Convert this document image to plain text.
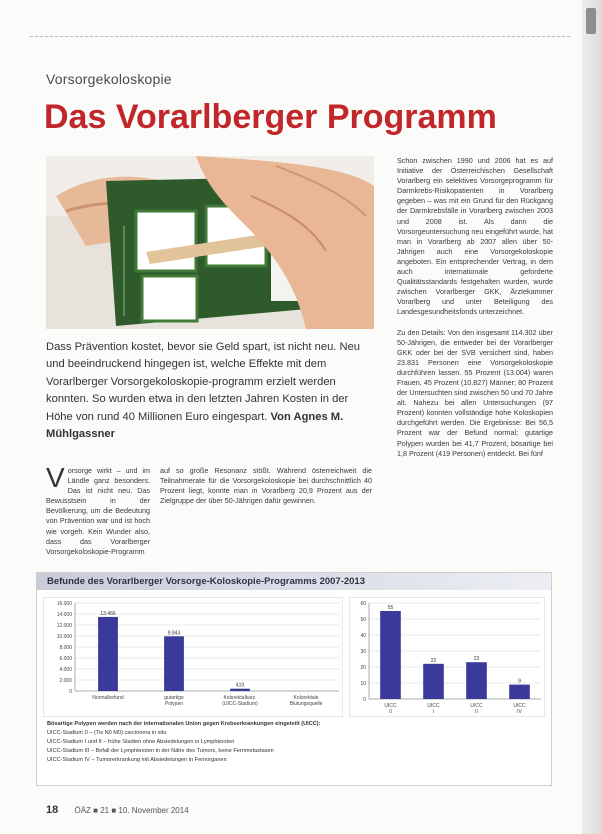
Vorsorgekoloskopie
Das Vorarlberger Programm
Dass Prävention kostet, bevor sie Geld spart, ist nicht neu. Neu und beeindruckend hingegen ist, welche Effekte mit dem Vorarlberger Vorsorgekoloskopie-programm erzielt werden konnten. So wurden etwa in den letzten Jahren Kosten in der Höhe von rund 40 Millionen Euro eingespart. Von Agnes M. Mühlgassner
Vorsorge wirkt – und im Ländle ganz besonders. Das ist nicht neu. Das Bewusstsein in der Bevölkerung, um die Bedeutung von Prävention war und ist hoch wie vorgeh. Kein Wunder also, dass das Vorarlberger Vorsorgekoloskopie-Programm
auf so große Resonanz stößt. Während österreichweit die Teilnahmerate für die Vorsorgekoloskopie bei durchschnittlich 40 Prozent liegt, konnte man in Vorarlberg 20,9 Prozent aus der Zielgruppe der über 50-Jährigen dafür gewinnen.

Schon zwischen 1990 und 2006 hat es auf Initiative der Österreichischen Gesellschaft Vorarlberg ein selektives Vorsorgeprogramm für Darmkrebs-Risikopatienten in Vorarlberg gegeben – was mit ein Grund für den Rückgang der Darmkrebsfälle in Vorarlberg zwischen 2003 und 2008 ist. Als dann die Vorsorgeuntersuchung neu eingeführt wurde, hat man in Vorarlberg ab 2007 allen über 50-Jährigen auch eine Vorsorgekoloskopie angeboten. Ein entsprechender Vertrag, in dem auch internationale geforderte Qualitätsstandards festgehalten wurden, wurde zwischen Vorarlberger GKK, Ärztekammer Vorarlberg und unter Beteiligung des Landesgesundheitsfonds unterzeichnet.

Zu den Details: Von den insgesamt 114.302 über 50-Jährigen, die entweder bei der Vorarlberger GKK oder bei der SVB versichert sind, haben 23.831 Personen eine Vorsorgekoloskopie durchführen lassen. 55 Prozent (13.004) waren Frauen, 45 Prozent (10.827) Männer; 80 Prozent der Untersuchten sind zwischen 50 und 70 Jahre alt. Nahezu bei allen Untersuchungen (97 Prozent) konnten vollständige hohe Koloskopien durchgeführt werden. Die Ergebnisse: Bei 56,5 Prozent war der Befund normal; gutartige Polypen wurden bei 41,7 Prozent, bösartige bei 1,8 Prozent (419 Personen) entdeckt. Bei fünf

Befunde des Vorarlberger Vorsorge-Koloskopie-Programms 2007-2013
0
2.000
4.000
6.000
8.000
10.000
12.000
14.000
16.000
13.466
Normalbefund
9.943
gutartige
Polypen
419
Kolorektalkarz.
(UICC-Stadium)
Kolorektale
Blutungsquelle
0
10
20
30
40
50
60
55
UICC
0
22
UICC
I
23
UICC
II
9
UICC
IV
Bösartige Polypen werden nach der internationalen Union gegen Krebserkrankungen eingeteilt (UICC):
UICC-Stadium 0 – (Tis N0 M0) carcinoma in situ
UICC-Stadium I und II – frühe Stadien ohne Absiedelungen in Lymphknoten
UICC-Stadium III – Befall der Lymphknoten in der Nähe des Tumors, keine Fernmetastasen
UICC-Stadium IV – Tumorerkrankung mit Absiedelungen in Fernorganen
18 ÖÄZ ■ 21 ■ 10. November 2014
